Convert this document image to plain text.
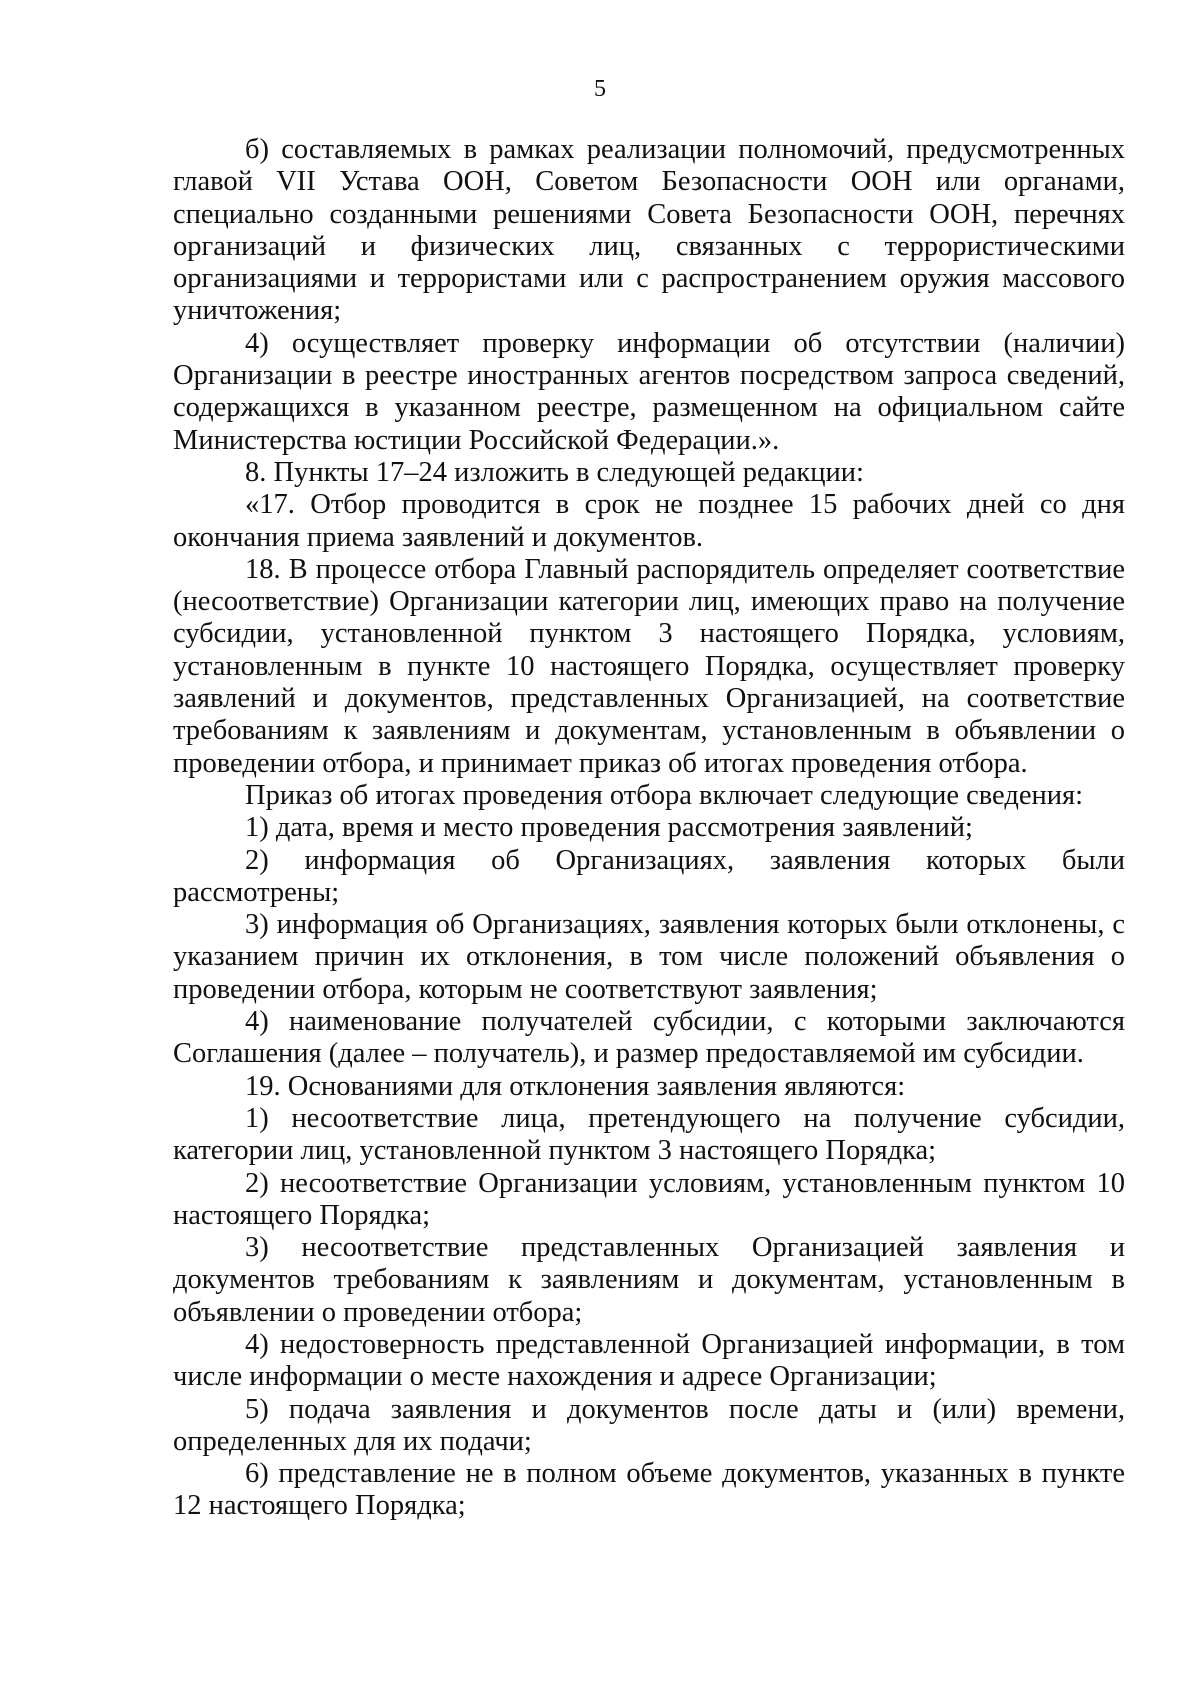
5

б) составляемых в рамках реализации полномочий, предусмотренных главой VII Устава ООН, Советом Безопасности ООН или органами, специально созданными решениями Совета Безопасности ООН, перечнях организаций и физических лиц, связанных с террористическими организациями и террористами или с распространением оружия массового уничтожения;

4) осуществляет проверку информации об отсутствии (наличии) Организации в реестре иностранных агентов посредством запроса сведений, содержащихся в указанном реестре, размещенном на официальном сайте Министерства юстиции Российской Федерации.».

8. Пункты 17–24 изложить в следующей редакции:

«17. Отбор проводится в срок не позднее 15 рабочих дней со дня окончания приема заявлений и документов.

18. В процессе отбора Главный распорядитель определяет соответствие (несоответствие) Организации категории лиц, имеющих право на получение субсидии, установленной пунктом 3 настоящего Порядка, условиям, установленным в пункте 10 настоящего Порядка, осуществляет проверку заявлений и документов, представленных Организацией, на соответствие требованиям к заявлениям и документам, установленным в объявлении о проведении отбора, и принимает приказ об итогах проведения отбора.

Приказ об итогах проведения отбора включает следующие сведения:

1) дата, время и место проведения рассмотрения заявлений;

2) информация об Организациях, заявления которых были рассмотрены;

3) информация об Организациях, заявления которых были отклонены, с указанием причин их отклонения, в том числе положений объявления о проведении отбора, которым не соответствуют заявления;

4) наименование получателей субсидии, с которыми заключаются Соглашения (далее – получатель), и размер предоставляемой им субсидии.

19. Основаниями для отклонения заявления являются:

1) несоответствие лица, претендующего на получение субсидии, категории лиц, установленной пунктом 3 настоящего Порядка;

2) несоответствие Организации условиям, установленным пунктом 10 настоящего Порядка;

3) несоответствие представленных Организацией заявления и документов требованиям к заявлениям и документам, установленным в объявлении о проведении отбора;

4) недостоверность представленной Организацией информации, в том числе информации о месте нахождения и адресе Организации;

5) подача заявления и документов после даты и (или) времени, определенных для их подачи;

6) представление не в полном объеме документов, указанных в пункте 12 настоящего Порядка;
